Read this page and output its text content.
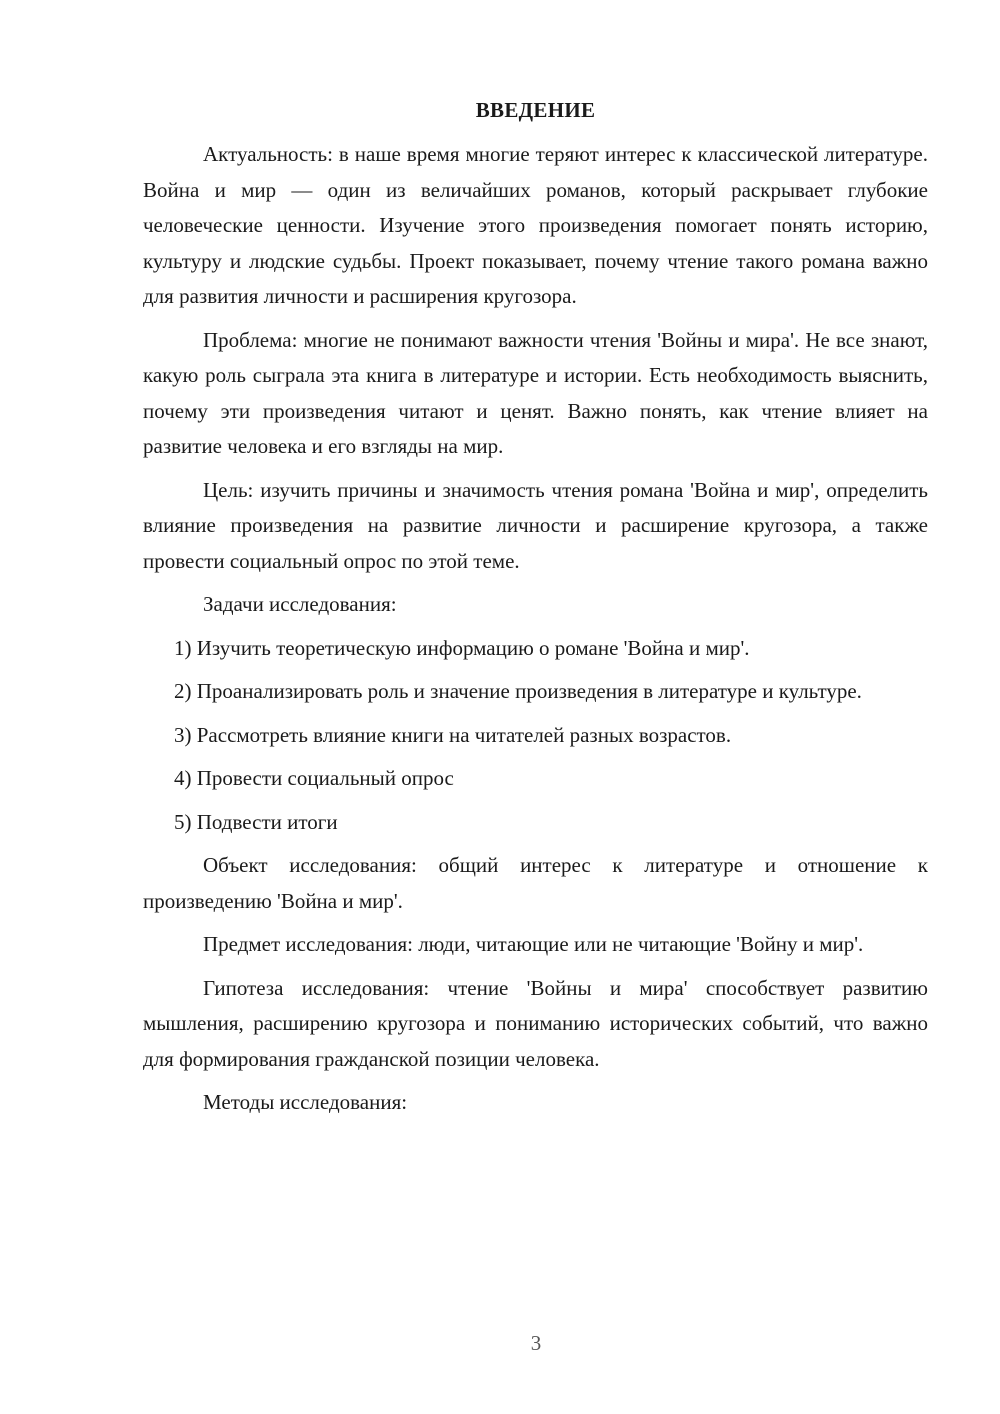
ВВЕДЕНИЕ

Актуальность: в наше время многие теряют интерес к классической литературе. Война и мир — один из величайших романов, который раскрывает глубокие человеческие ценности. Изучение этого произведения помогает понять историю, культуру и людские судьбы. Проект показывает, почему чтение такого романа важно для развития личности и расширения кругозора.

Проблема: многие не понимают важности чтения 'Войны и мира'. Не все знают, какую роль сыграла эта книга в литературе и истории. Есть необходимость выяснить, почему эти произведения читают и ценят. Важно понять, как чтение влияет на развитие человека и его взгляды на мир.

Цель: изучить причины и значимость чтения романа 'Война и мир', определить влияние произведения на развитие личности и расширение кругозора, а также провести социальный опрос по этой теме.

Задачи исследования:

1) Изучить теоретическую информацию о романе 'Война и мир'.

2) Проанализировать роль и значение произведения в литературе и культуре.

3) Рассмотреть влияние книги на читателей разных возрастов.

4) Провести социальный опрос

5) Подвести итоги

Объект исследования: общий интерес к литературе и отношение к произведению 'Война и мир'.

Предмет исследования: люди, читающие или не читающие 'Войну и мир'.

Гипотеза исследования: чтение 'Войны и мира' способствует развитию мышления, расширению кругозора и пониманию исторических событий, что важно для формирования гражданской позиции человека.

Методы исследования:

3
